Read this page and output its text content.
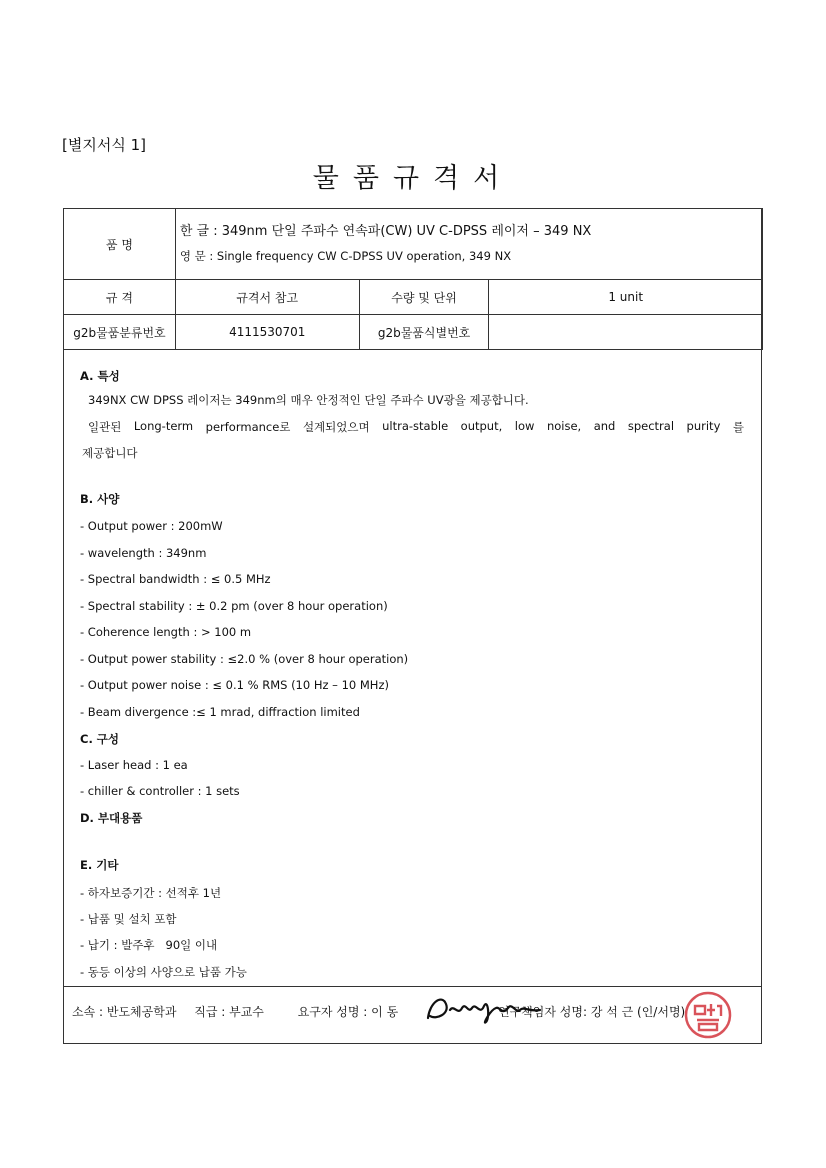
[별지서식 1]
물품규격서
품 명	한 글 : 349nm 단일 주파수 연속파(CW) UV C-DPSS 레이저 – 349 NX
영 문 : Single frequency CW C-DPSS UV operation, 349 NX		

규 격	규격서 참고	수량 및 단위	1 unit
g2b물품분류번호	4111530701	g2b물품식별번호	
A. 특성
349NX CW DPSS 레이저는 349nm의 매우 안정적인 단일 주파수 UV광을 제공합니다.
일관된 Long-term performance로 설계되었으며 ultra-stable output, low noise, and spectral purity 를
제공합니다
B. 사양
- Output power : 200mW
- wavelength : 349nm
- Spectral bandwidth : ≤ 0.5 MHz
- Spectral stability : ± 0.2 pm (over 8 hour operation)
- Coherence length : > 100 m
- Output power stability : ≤2.0 % (over 8 hour operation)
- Output power noise : ≤ 0.1 % RMS (10 Hz – 10 MHz)
- Beam divergence :≤ 1 mrad, diffraction limited
C. 구성
- Laser head : 1 ea
- chiller & controller : 1 sets
D. 부대용품
E. 기타
- 하자보증기간 : 선적후 1년
- 납품 및 설치 포함
- 납기 : 발주후   90일 이내
- 동등 이상의 사양으로 납품 가능
소속 : 반도체공학과 직급 : 부교수	요구자 성명 : 이 동	연구책임자 성명: 강 석 근 (인/서명)
